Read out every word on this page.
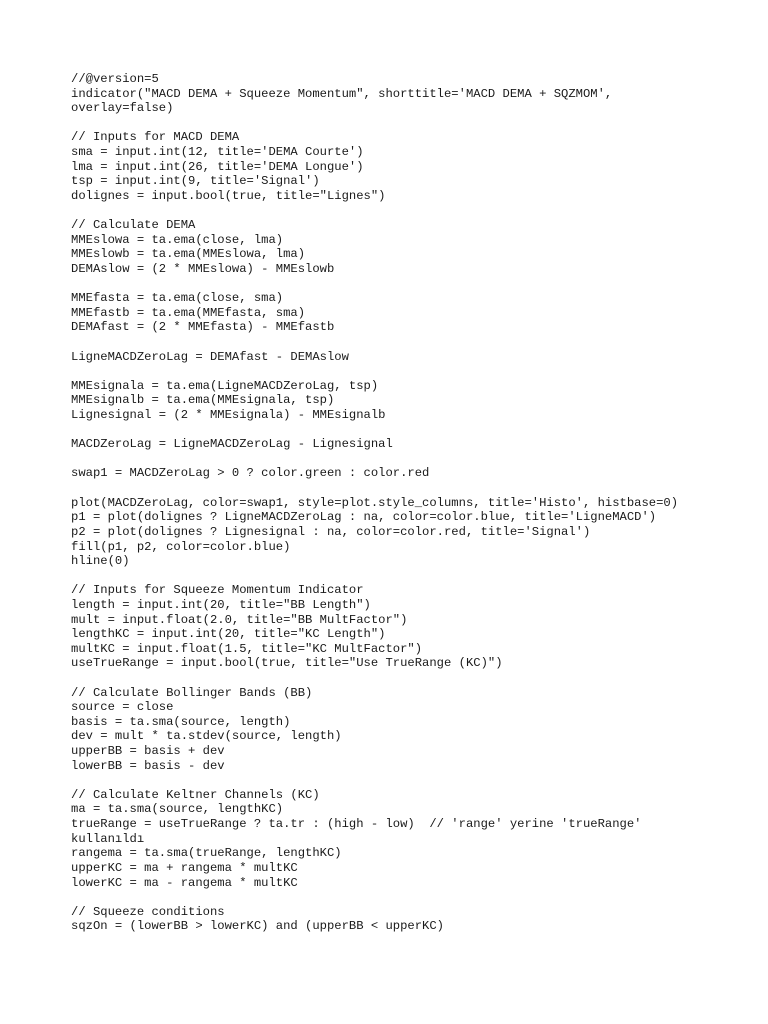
//@version=5
indicator("MACD DEMA + Squeeze Momentum", shorttitle='MACD DEMA + SQZMOM',
overlay=false)
// Inputs for MACD DEMA
sma = input.int(12, title='DEMA Courte')
lma = input.int(26, title='DEMA Longue')
tsp = input.int(9, title='Signal')
dolignes = input.bool(true, title="Lignes")
// Calculate DEMA
MMEslowa = ta.ema(close, lma)
MMEslowb = ta.ema(MMEslowa, lma)
DEMAslow = (2 * MMEslowa) - MMEslowb
MMEfasta = ta.ema(close, sma)
MMEfastb = ta.ema(MMEfasta, sma)
DEMAfast = (2 * MMEfasta) - MMEfastb
LigneMACDZeroLag = DEMAfast - DEMAslow
MMEsignala = ta.ema(LigneMACDZeroLag, tsp)
MMEsignalb = ta.ema(MMEsignala, tsp)
Lignesignal = (2 * MMEsignala) - MMEsignalb
MACDZeroLag = LigneMACDZeroLag - Lignesignal
swap1 = MACDZeroLag > 0 ? color.green : color.red
plot(MACDZeroLag, color=swap1, style=plot.style_columns, title='Histo', histbase=0)
p1 = plot(dolignes ? LigneMACDZeroLag : na, color=color.blue, title='LigneMACD')
p2 = plot(dolignes ? Lignesignal : na, color=color.red, title='Signal')
fill(p1, p2, color=color.blue)
hline(0)
// Inputs for Squeeze Momentum Indicator
length = input.int(20, title="BB Length")
mult = input.float(2.0, title="BB MultFactor")
lengthKC = input.int(20, title="KC Length")
multKC = input.float(1.5, title="KC MultFactor")
useTrueRange = input.bool(true, title="Use TrueRange (KC)")
// Calculate Bollinger Bands (BB)
source = close
basis = ta.sma(source, length)
dev = mult * ta.stdev(source, length)
upperBB = basis + dev
lowerBB = basis - dev
// Calculate Keltner Channels (KC)
ma = ta.sma(source, lengthKC)
trueRange = useTrueRange ? ta.tr : (high - low)  // 'range' yerine 'trueRange'
kullanıldı
rangema = ta.sma(trueRange, lengthKC)
upperKC = ma + rangema * multKC
lowerKC = ma - rangema * multKC
// Squeeze conditions
sqzOn = (lowerBB > lowerKC) and (upperBB < upperKC)
